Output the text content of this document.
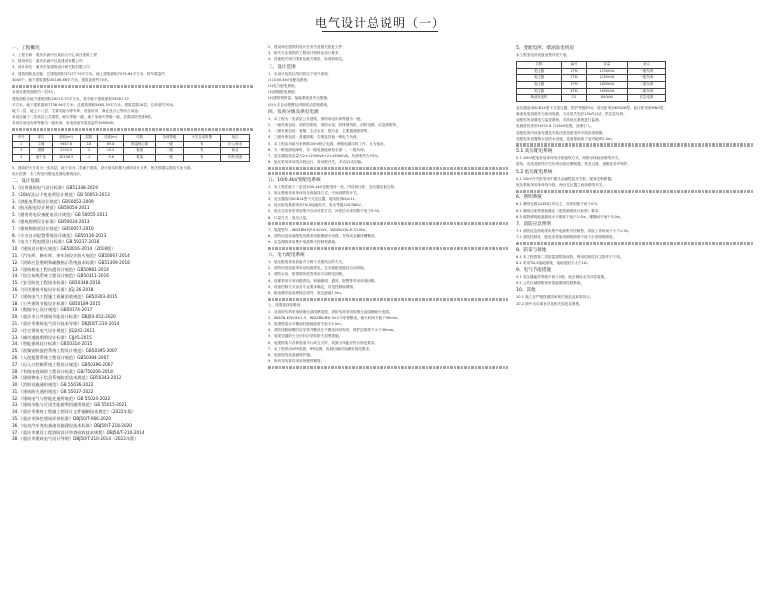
电气设计总说明（一）
一、工程概况
1、工程名称：重庆市渝中区某综合中心项目建筑工程
2、建设单位：重庆市渝中区某建设有限公司
3、设计单位：重庆市某建筑设计研究院有限公司
4、建筑面积及功能：总建筑面积37177.70平方米，地上建筑面积7070.84平方米，停车数量约
3000个，地下建筑面积30106.86平方米，建筑高度约70米。
本项目建筑面积约一层3万。
建筑面积含地下建筑面积26219.70平方米，其中地下建筑面积35587.72
平方米，地下建筑面积7738.94平方米；总建筑面积5463.30平方米，建筑层数18层，总高度约70米。
地下二层，地上十八层，主要功能为停车库、设备用房、商业及办公等综合用途。
本项目属于二类高层公共建筑，耐火等级一级，地下室耐火等级一级，抗震设防烈度6度。
本项目用电负荷等级为一级负荷，用电设备安装容量约3000kW。
序号	部位	面积(m²)	层数	高度(m)	结构	负荷等级	火灾自动报警	备注
1	主楼	9487.8	18	69.8	框架核心筒	一级	有	办公/商业
2	裙楼	2702.5	4	19.2	框架	二级	有	商业
3	地下室	30106.9	-2	-9.6	框架	一级	有	车库/设备
5、建筑防火分类为一类高层，地下室为二类地下建筑，设计基本依据为消防设计文件，相关数据以建筑专业为准。
设计范围：本工程室内强电及弱电系统设计。
二、设计依据
1.《民用建筑电气设计标准》GB51348-2019
2.《20kV及以下变电所设计规范》GB 50053-2013
3.《供配电系统设计规范》GB50052-2009
4.《低压配电设计规范》GB50054-2011
5.《通用用电设备配电设计规范》GB 50055-2011
6.《建筑照明设计标准》GB50034-2013
7.《建筑物防雷设计规范》GB50057-2010
8.《火灾自动报警系统设计规范》GB50116-2013
9.《电力工程电缆设计标准》GB 50217-2018
10.《建筑设计防火规范》GB50016-2014（2018版）
11.《汽车库、修车库、停车场设计防火规范》GB50067-2014
12.《消防应急照明和疏散指示系统技术标准》GB51309-2018
13.《建筑机电工程抗震设计规范》GB50981-2014
14.《综合布线系统工程设计规范》GB50311-2016
15.《安全防范工程技术标准》GB50348-2018
16.《民用建筑节能设计标准》JGJ 26-2018
17.《建筑电气工程施工质量验收规范》GB50303-2015
18.《公共建筑节能设计标准》GB50189-2015
19.《数据中心设计规范》GB50174-2017
20.《重庆市公共建筑节能设计标准》DBJ50-052-2020
21.《重庆市建筑电气设计技术导则》DBJ50/T-210-2014
22.《住宅建筑电气设计规范》JGJ242-2011
23.《城市道路照明设计标准》CJJ45-2015
24.《智能建筑设计标准》GB50314-2015
25.《视频安防监控系统工程设计规范》GB50395-2007
26.《入侵报警系统工程设计规范》GB50394-2007
27.《出入口控制系统工程设计规范》GB50396-2007
28.《有线电视网络工程设计标准》GB/T50200-2018
29.《建筑物电子信息系统防雷技术规范》GB50343-2012
30.《消防设施通用规范》GB 55036-2022
31.《建筑防火通用规范》GB 55037-2022
32.《建筑电气与智能化通用规范》GB 55024-2022
33.《建筑节能与可再生能源利用通用规范》GB 55015-2021
34.《重庆市建筑工程施工图设计文件编制技术规定》（2022年版）
35.《重庆市绿色建筑评价标准》DBJ50/T-066-2020
36.《电动汽车充电基础设施建设技术标准》DBJ50/T-218-2020
37.《重庆市建设工程消防设计审查验收技术规程》DBJ50/T-210-2014
38.《重庆市建筑电气设计导则》DBJ50/T-210-2014（2022年版）
2、建设单位提供的设计任务书及相关批复文件；
3、相关专业提供的工程设计资料及设计要求；
4、其他相关现行国家及地方规范、标准和规定。
三、设计范围
1、本设计包括红线内的以下电气系统：
(1)10/0.4kV变配电系统；
(2)电力配电系统；
(3)照明配电系统；
(4)建筑物防雷、接地系统及安全措施；
(5)火灾自动报警及消防联动控制系统。
四、负荷分级及供电电源
1、本工程为一类高层公共建筑，消防用电负荷等级为一级。
2、一级负荷包括：消防控制室、消防水泵、防排烟风机、消防电梯、应急照明等。
3、二级负荷包括：客梯、生活水泵、排污泵、主要通道照明等。
4、三级负荷包括：普通照明、空调及其他一般电力负荷。
5、本工程由市政引来两路10kV独立电源，两路电源同时工作，互为备用。
6、当一路电源故障时，另一路电源能承担全部一、二级负荷。
7、变压器装机容量为2×1250kVA+2×1600kVA，负荷率约为75%。
8、低压采用单母线分段运行，设母联开关，手动/自动切换。
五、10/0.4kV变配电系统
1、本工程在地下一层设10/0.4kV变配电所一处，内设高压柜、变压器及低压柜。
2、高压系统采用单母线分段接线方式，中间设联络开关。
3、变压器选用SCB14型干式变压器，接线组别Dyn11。
4、低压配电系统采用TN-S接地形式，电压等级220/380V。
5、低压无功补偿采用集中自动补偿方式，补偿后功率因数不低于0.90。
6、计量方式：高压计量。
7、电缆型号：WDZBN-YJY-0.6/1kV，WDZN-YJV-8.7/10kV。
8、消防用电设备配电线路采用阻燃耐火电缆，穿管或金属线槽敷设。
9、应急照明采用集中电源集中控制型系统。
六、电力配电系统
1、低压配电采用放射式与树干式相结合的方式。
2、消防用电设备采用双电源供电，在末端配电箱处自动切换。
3、消防水泵、防排烟风机等采用专用供电回路。
4、电梯采用专用回路供电，轿厢照明、通风、报警等采用单独回路。
5、设备控制方式由各专业要求确定，详见控制原理图。
6、配电箱安装高度除注明外，底边距地1.5m。
七、线缆选择及敷设
1、非消防负荷采用低烟无卤阻燃电缆，消防负荷采用低烟无卤阻燃耐火电缆。
2、WDZN-KYJY-8×1.5、WDZBN-BYJ-3×2.5穿管敷设，耐火时间不低于90min。
3、电缆桥架水平敷设时距地高度不低于2.5m。
4、消防线路暗敷时应穿管并敷设在不燃烧体结构内，保护层厚度不小于30mm。
5、电缆穿越防火分区时应采取防火封堵措施。
6、电缆桥架与各种管道平行或交叉时，其最小净距应符合规范要求。
7、本工程采用UPS电源，IPS电源，电源切换时间满足规范要求。
8、电源进线设浪涌保护器。
9、所有穿线管均采用热镀锌钢管。
5、变配电所、柴油发电机房
本工程变电所设备选型详见下表。
名称	编号	容量	备注
变压器	1TM	1250kVA	一级负荷
变压器	2TM	1250kVA	一级负荷
变压器	3TM	1600kVA	二级负荷
变压器	4TM	1600kVA	二级负荷
柴油发电机	G1	800kW	应急电源
变压器选用SCB14型干式变压器，防护等级IP20，高压柜采用KYN28型，低压柜采用MNS型。
柴油发电机组作为备用电源，当市电失电后15s内启动，供应急负荷。
变配电所设置电力监控系统，对高低压系统进行监测。
电源进线采用YJV22-8.7/15kV电缆，直埋引入。
变配电所内设备布置及安装详见变配电所平面及剖面图。
变配电所设置排水及防水设施，设备基础高于室内地坪0.3m。
5.1 高压配电系统
5.1 10kV配电采用单母线分段接线方式，两段母线间设联络开关。
进线、出线及联络开关均采用真空断路器，具有过流、速断及零序保护。
5.2 低压配电系统
5.2 10kV开关柜采用中置式金属铠装开关柜，配真空断路器。
低压系统采用单母线分段，两台变压器之间设联络开关。
6、照明系统
6.1 照明光源以LED灯具为主，功率因数不低于0.9。
6.2 照明功率密度值满足《建筑照明设计标准》要求。
6.3 疏散照明地面最低水平照度不低于1.0lx，楼梯间不低于5.0lx。
7、消防应急照明
7.1 消防应急照明采用集中电源集中控制型，持续工作时间不小于1.5h。
7.2 消防控制室、配电室等备用照明照度不低于正常照明照度。
8、防雷与接地
8.1 本工程按第二类防雷建筑物设防，利用结构柱内主筋作引下线。
8.2 采用TN-S接地系统，接地电阻不大于1Ω。
9、电气节能措施
9.1 变压器能效等级不低于2级，低压侧设无功补偿装置。
9.2 公共区域照明采用智能照明控制系统。
10、其他
10.1 施工应严格按照国家相关规范及标准执行。
10.2 图中未尽事宜详见相关规范及图集。
